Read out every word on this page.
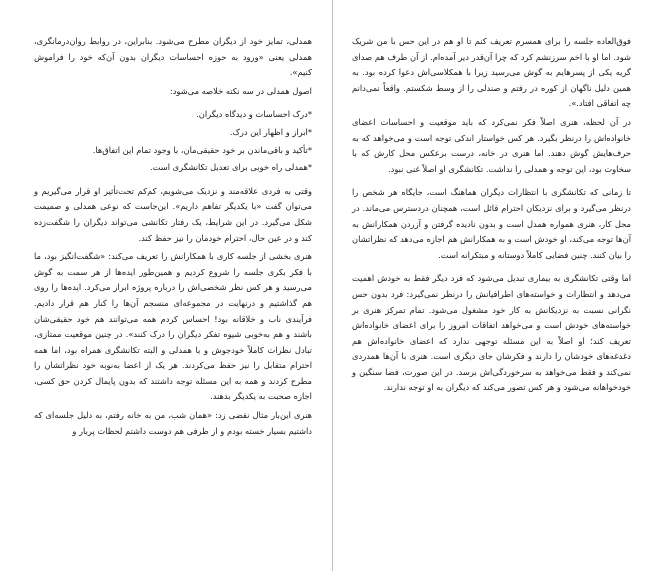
همدلی، تمایز خود از دیگران مطرح می‌شود. بنابراین، در روابط روان‌درمانگری، همدلی یعنی «ورود به حوزه احساسات دیگران بدون آن‌که خود را فراموش کنیم».

اصول همدلی در سه نکته خلاصه می‌شود:

*درک احساسات و دیدگاه دیگران.

*ابراز و اظهار این درک.

*تأکید و باقی‌ماندن بر خود حقیقی‌مان، با وجود تمام این اتفاق‌ها.

*همدلی راه خوبی برای تعدیل تکانشگری است.

وقتی به فردی علاقه‌مند و نزدیک می‌شویم، کم‌کم تحت‌تأثیر او قرار می‌گیریم و می‌توان گفت «با یکدیگر تفاهم داریم». این‌جاست که نوعی همدلی و صمیمت شکل می‌گیرد. در این شرایط، یک رفتار تکانشی می‌تواند دیگران را شگفت‌زده کند و در عین حال، احترام خودمان را نیز حفظ کند.

هنری بخشی از جلسه کاری با همکارانش را تعریف می‌کند: «شگفت‌انگیز بود، ما با فکر بکری جلسه را شروع کردیم و همین‌طور ایده‌ها از هر سمت به گوش می‌رسید و هر کس نظر شخصی‌اش را درباره پروژه ابراز می‌کرد. ایده‌ها را روی هم گذاشتیم و درنهایت در مجموعه‌ای منسجم آن‌ها را کنار هم قرار دادیم. فرآیندی ناب و خلاقانه بود! احساس کردم همه می‌توانند هم خود حقیقی‌شان باشند و هم به‌خوبی شیوه تفکر دیگران را درک کنند». در چنین موقعیت ممتازی، تبادل نظرات کاملاً خودجوش و با همدلی و البته تکانشگری همراه بود، اما همه احترام متقابل را نیز حفظ می‌کردند. هر یک از اعضا به‌نوبه خود نظراتشان را مطرح کردند و همه به این مسئله توجه داشتند که بدون پایمال کردن حق کسی، اجازه صحبت به یکدیگر بدهند.

هنری این‌بار مثال نقضی زد: «همان شب، من به خانه رفتم، به دلیل جلسه‌ای که داشتیم بسیار خسته بودم و از طرفی هم دوست داشتم لحظات پربار و

فوق‌العاده جلسه را برای همسرم تعریف کنم تا او هم در این حس با من شریک شود. اما او با اخم سرزنشم کرد که چرا آن‌قدر دیر آمده‌ام. از آن طرف هم صدای گریه یکی از پسرهایم به گوش می‌رسید زیرا با همکلاسی‌اش دعوا کرده بود. به همین دلیل ناگهان از کوره در رفتم و صندلی را از وسط شکستم. واقعاً نمی‌دانم چه اتفاقی افتاد.».

در آن لحظه، هنری اصلاً فکر نمی‌کرد که باید موقعیت و احساسات اعضای خانواده‌اش را درنظر بگیرد. هر کس خواستار اندکی توجه است و می‌خواهد که به حرف‌هایش گوش دهند. اما هنری در خانه، درست برعکس محل کارش که با سخاوت بود، این توجه و همدلی را نداشت. تکانشگری او اصلاً غنی نبود.

تا زمانی که تکانشگری با انتظارات دیگران هماهنگ است، جایگاه هر شخص را درنظر می‌گیرد و برای نزدیکان احترام قائل است، همچنان دردسترس می‌ماند. در محل کار، هنری همواره همدل است و بدون نادیده گرفتن و آزردن همکارانش به آن‌ها توجه می‌کند، او خودش است و به همکارانش هم اجازه می‌دهد که نظراتشان را بیان کنند. چنین فضایی کاملاً دوستانه و مبتکرانه است.

اما وقتی تکانشگری به بیماری تبدیل می‌شود که فرد دیگر فقط به خودش اهمیت می‌دهد و انتظارات و خواسته‌های اطرافیانش را درنظر نمی‌گیرد: فرد بدون حس نگرانی نسبت به نزدیکانش به کار خود مشغول می‌شود. تمام تمرکز هنری بر خواسته‌های خودش است و می‌خواهد اتفاقات امروز را برای اعضای خانواده‌اش تعریف کند؛ او اصلاً به این مسئله توجهی ندارد که اعضای خانواده‌اش هم دغدغه‌های خودشان را دارند و فکرشان جای دیگری است. هنری با آن‌ها همدردی نمی‌کند و فقط می‌خواهد به سرخوردگی‌اش برسد. در این صورت، فضا سنگین و خودخواهانه می‌شود و هر کس تصور می‌کند که دیگران به او توجه ندارند.
